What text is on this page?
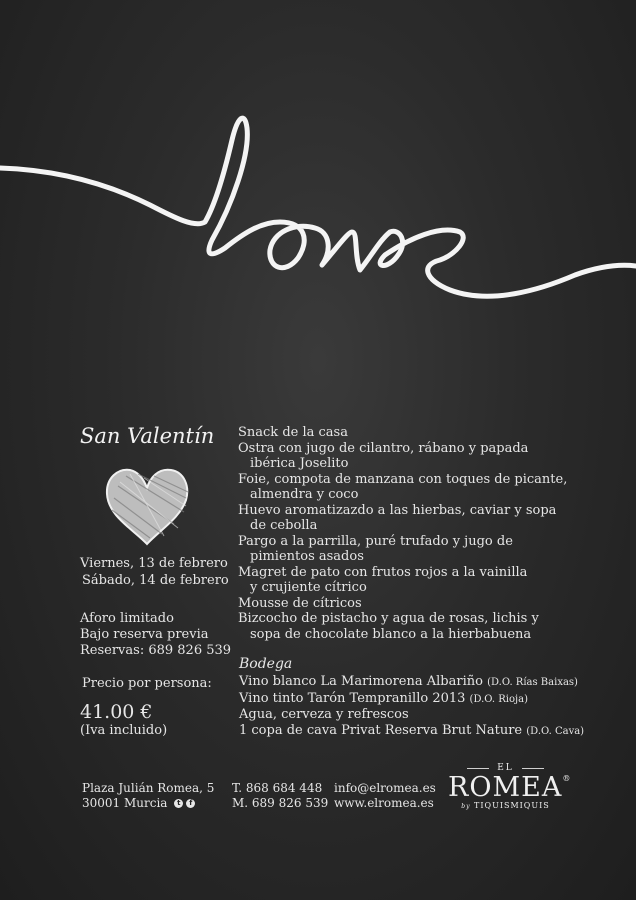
San Valentín
Viernes, 13 de febrero
Sábado, 14 de febrero
Aforo limitado
Bajo reserva previa
Reservas: 689 826 539
Precio por persona:
41.00 €
(Iva incluido)
Snack de la casa
Ostra con jugo de cilantro, rábano y papada
ibérica Joselito
Foie, compota de manzana con toques de picante,
almendra y coco
Huevo aromatizazdo a las hierbas, caviar y sopa
de cebolla
Pargo a la parrilla, puré trufado y jugo de
pimientos asados
Magret de pato con frutos rojos a la vainilla
y crujiente cítrico
Mousse de cítricos
Bizcocho de pistacho y agua de rosas, lichis y
sopa de chocolate blanco a la hierbabuena
Bodega
Vino blanco La Marimorena Albariño (D.O. Rías Baixas)
Vino tinto Tarón Tempranillo 2013 (D.O. Rioja)
Agua, cerveza y refrescos
1 copa de cava Privat Reserva Brut Nature (D.O. Cava)
Plaza Julián Romea, 5
30001 Murcia	t	f
T. 868 684 448
M. 689 826 539
info@elromea.es
www.elromea.es
EL
ROMEA®
by TIQUISMIQUIS
